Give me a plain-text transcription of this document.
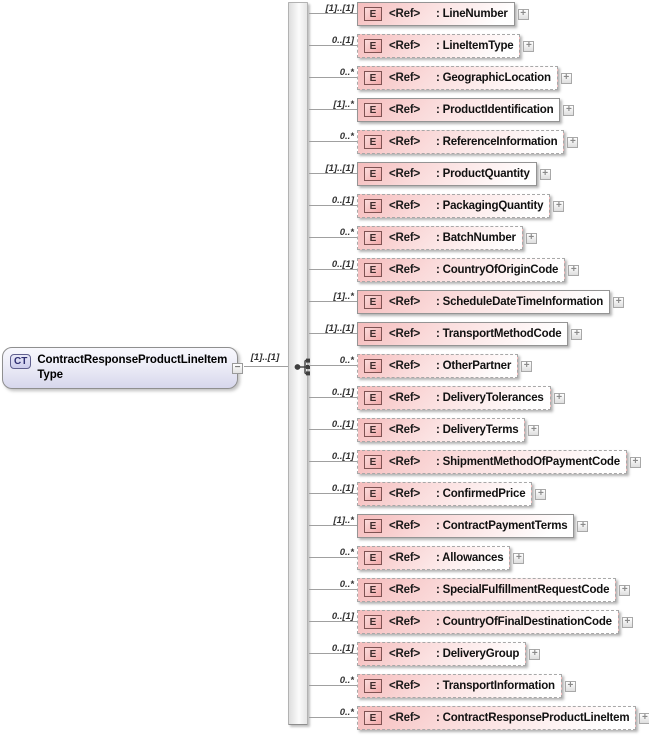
CT ContractResponseProductLineItemType
−
[1]..[1]
[1]..[1]	E	<Ref> : LineNumber +
0..[1]	E	<Ref> : LineItemType +
0..*	E	<Ref> : GeographicLocation +
[1]..*	E	<Ref> : ProductIdentification +
0..*	E	<Ref> : ReferenceInformation +
[1]..[1]	E	<Ref> : ProductQuantity +
0..[1]	E	<Ref> : PackagingQuantity +
0..*	E	<Ref> : BatchNumber +
0..[1]	E	<Ref> : CountryOfOriginCode +
[1]..*	E	<Ref> : ScheduleDateTimeInformation +
[1]..[1]	E	<Ref> : TransportMethodCode +
0..*	E	<Ref> : OtherPartner +
0..[1]	E	<Ref> : DeliveryTolerances +
0..[1]	E	<Ref> : DeliveryTerms +
0..[1]	E	<Ref> : ShipmentMethodOfPaymentCode +
0..[1]	E	<Ref> : ConfirmedPrice +
[1]..*	E	<Ref> : ContractPaymentTerms +
0..*	E	<Ref> : Allowances +
0..*	E	<Ref> : SpecialFulfillmentRequestCode +
0..[1]	E	<Ref> : CountryOfFinalDestinationCode +
0..[1]	E	<Ref> : DeliveryGroup +
0..*	E	<Ref> : TransportInformation +
0..*	E	<Ref> : ContractResponseProductLineItem +
